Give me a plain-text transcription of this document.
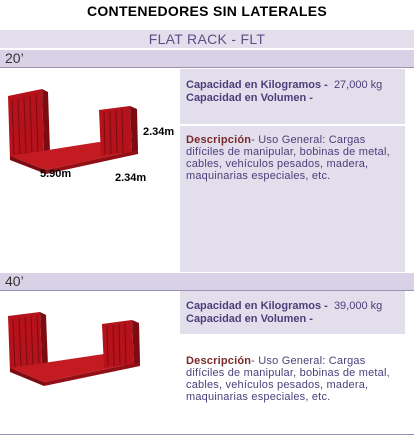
CONTENEDORES SIN LATERALES
FLAT RACK - FLT
20’
Capacidad en Kilogramos - 27,000 kg
Capacidad en Volumen -
Descripción- Uso General: Cargas difíciles de manipular, bobinas de metal, cables, vehículos pesados, madera, maquinarias especiales, etc.
2.34m
5.90m	2.34m
40’
Capacidad en Kilogramos - 39,000 kg
Capacidad en Volumen -
Descripción- Uso General: Cargas difíciles de manipular, bobinas de metal, cables, vehículos pesados, madera, maquinarias especiales, etc.
